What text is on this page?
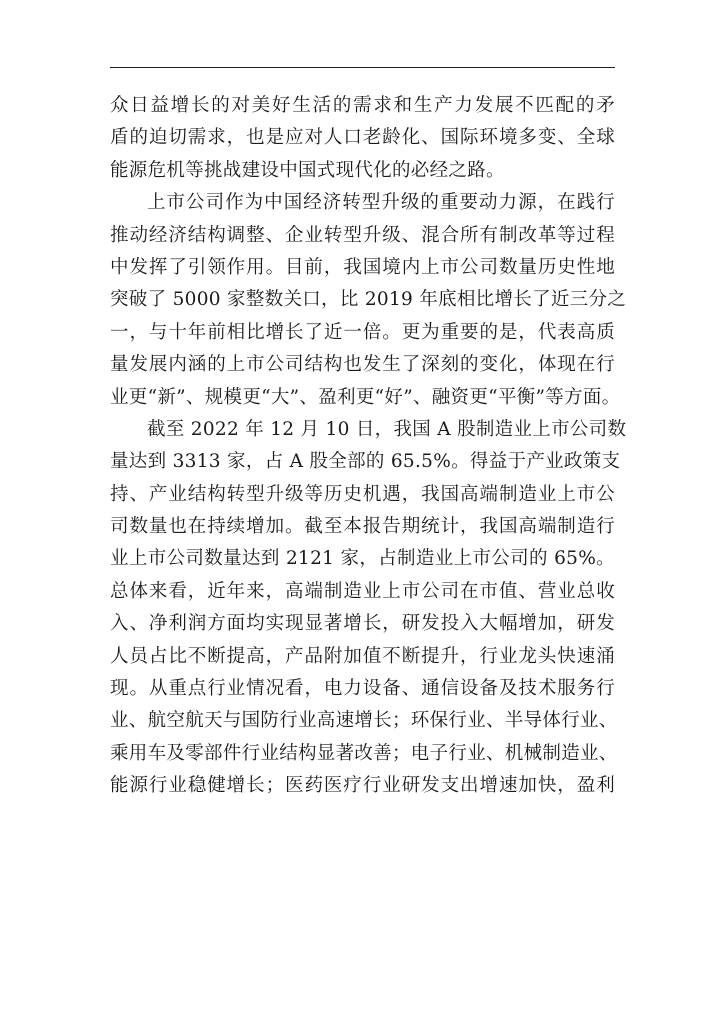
众日益增长的对美好生活的需求和生产力发展不匹配的矛
盾的迫切需求，也是应对人口老龄化、国际环境多变、全球
能源危机等挑战建设中国式现代化的必经之路。
上市公司作为中国经济转型升级的重要动力源，在践行
推动经济结构调整、企业转型升级、混合所有制改革等过程
中发挥了引领作用。目前，我国境内上市公司数量历史性地
突破了 5000 家整数关口，比 2019 年底相比增长了近三分之
一，与十年前相比增长了近一倍。更为重要的是，代表高质
量发展内涵的上市公司结构也发生了深刻的变化，体现在行
业更“新”、规模更“大”、盈利更“好”、融资更“平衡”等方面。
截至 2022 年 12 月 10 日，我国 A 股制造业上市公司数
量达到 3313 家，占 A 股全部的 65.5%。得益于产业政策支
持、产业结构转型升级等历史机遇，我国高端制造业上市公
司数量也在持续增加。截至本报告期统计，我国高端制造行
业上市公司数量达到 2121 家，占制造业上市公司的 65%。
总体来看，近年来，高端制造业上市公司在市值、营业总收
入、净利润方面均实现显著增长，研发投入大幅增加，研发
人员占比不断提高，产品附加值不断提升，行业龙头快速涌
现。从重点行业情况看，电力设备、通信设备及技术服务行
业、航空航天与国防行业高速增长；环保行业、半导体行业、
乘用车及零部件行业结构显著改善；电子行业、机械制造业、
能源行业稳健增长；医药医疗行业研发支出增速加快，盈利
